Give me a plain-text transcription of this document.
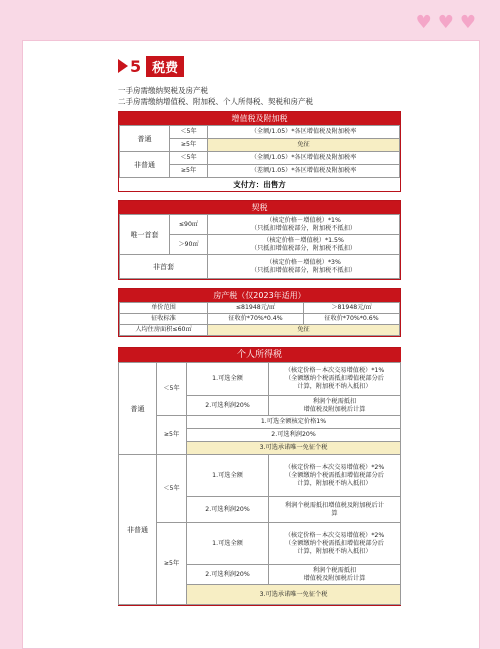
♥ ♥ ♥
5 税费
一手房需缴纳契税及房产税
二手房需缴纳增值税、附加税、个人所得税、契税和房产税
增值税及附加税
普通	＜5年	（全额/1.05）*各区增值税及附加税率
	≥5年	免征
非普通	＜5年	（全额/1.05）*各区增值税及附加税率
	≥5年	（差额/1.05）*各区增值税及附加税率
支付方：出售方
契税
唯一首套	≤90㎡	（核定价格－增值税）*1%
（只抵扣增值税部分，附加税不抵扣）

	＞90㎡	（核定价格－增值税）*1.5%
（只抵扣增值税部分，附加税不抵扣）

非首套		（核定价格－增值税）*3%
（只抵扣增值税部分，附加税不抵扣）
房产税（仅2023年适用）
单价范围	≤81948元/㎡	＞81948元/㎡
征收标准	征收价*70%*0.4%	征收价*70%*0.6%
人均住房面积≤60㎡	免征	
个人所得税
普通	＜5年	1.可选全额	（核定价格－本次交易增值税）*1%
（全额缴纳个税需抵扣增值税部分后
计算，附加税不纳入抵扣）

		2.可选利润20%	利润个税需抵扣
增值税及附加税后计算

	≥5年	1.可选全额核定价格1%	
		2.可选利润20%	
		3.可选承诺唯一免征个税	
非普通	＜5年	1.可选全额	（核定价格－本次交易增值税）*2%
（全额缴纳个税需抵扣增值税部分后
计算，附加税不纳入抵扣）

		2.可选利润20%	利润个税需抵扣增值税及附加税后计
算

	≥5年	1.可选全额	（核定价格－本次交易增值税）*2%
（全额缴纳个税需抵扣增值税部分后
计算，附加税不纳入抵扣）

		2.可选利润20%	利润个税需抵扣
增值税及附加税后计算

		3.可选承诺唯一免征个税	
